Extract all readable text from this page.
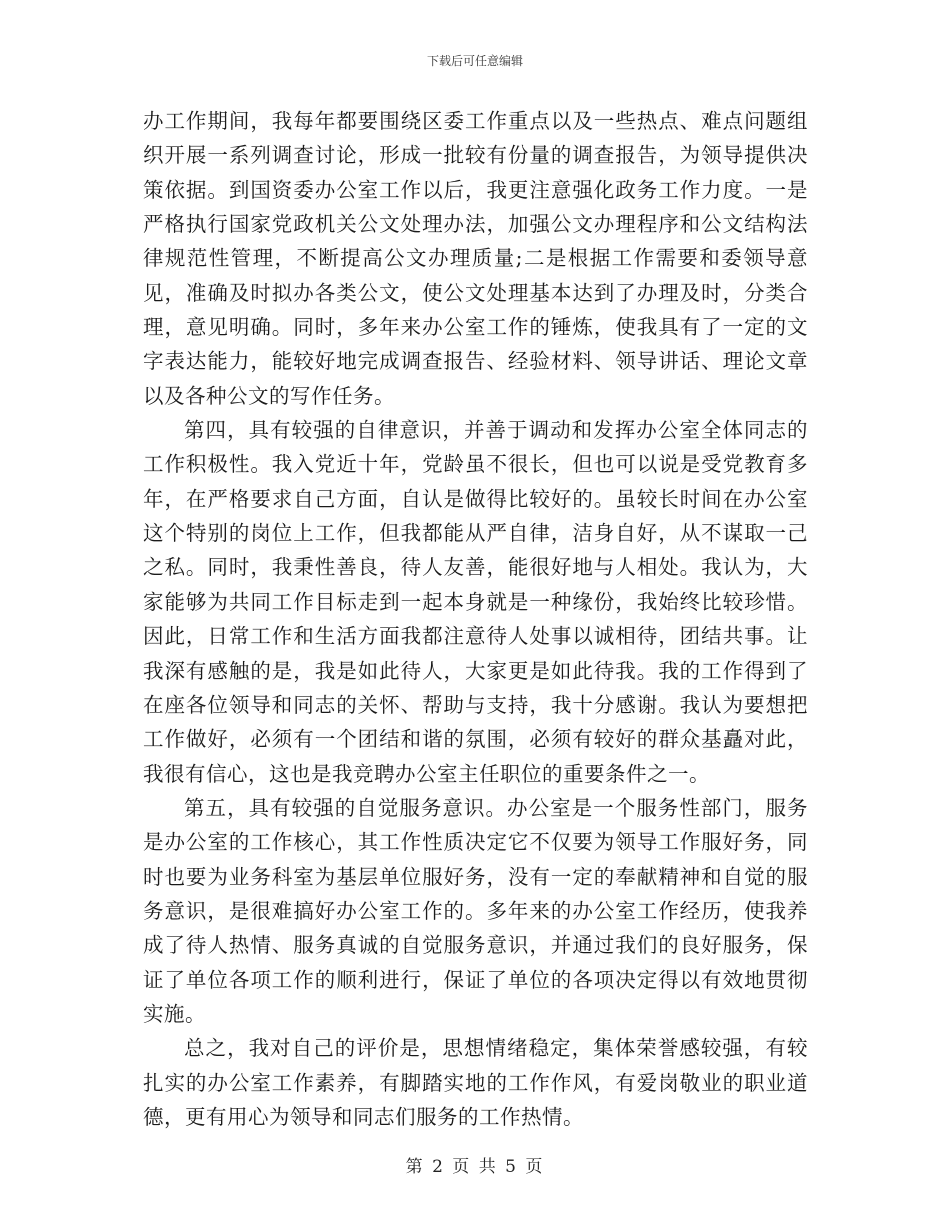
下载后可任意编辑

办工作期间，我每年都要围绕区委工作重点以及一些热点、难点问题组织开展一系列调查讨论，形成一批较有份量的调查报告，为领导提供决策依据。到国资委办公室工作以后，我更注意强化政务工作力度。一是严格执行国家党政机关公文处理办法，加强公文办理程序和公文结构法律规范性管理，不断提高公文办理质量;二是根据工作需要和委领导意见，准确及时拟办各类公文，使公文处理基本达到了办理及时，分类合理，意见明确。同时，多年来办公室工作的锤炼，使我具有了一定的文字表达能力，能较好地完成调查报告、经验材料、领导讲话、理论文章以及各种公文的写作任务。

第四，具有较强的自律意识，并善于调动和发挥办公室全体同志的工作积极性。我入党近十年，党龄虽不很长，但也可以说是受党教育多年，在严格要求自己方面，自认是做得比较好的。虽较长时间在办公室这个特别的岗位上工作，但我都能从严自律，洁身自好，从不谋取一己之私。同时，我秉性善良，待人友善，能很好地与人相处。我认为，大家能够为共同工作目标走到一起本身就是一种缘份，我始终比较珍惜。因此，日常工作和生活方面我都注意待人处事以诚相待，团结共事。让我深有感触的是，我是如此待人，大家更是如此待我。我的工作得到了在座各位领导和同志的关怀、帮助与支持，我十分感谢。我认为要想把工作做好，必须有一个团结和谐的氛围，必须有较好的群众基矗对此，我很有信心，这也是我竞聘办公室主任职位的重要条件之一。

第五，具有较强的自觉服务意识。办公室是一个服务性部门，服务是办公室的工作核心，其工作性质决定它不仅要为领导工作服好务，同时也要为业务科室为基层单位服好务，没有一定的奉献精神和自觉的服务意识，是很难搞好办公室工作的。多年来的办公室工作经历，使我养成了待人热情、服务真诚的自觉服务意识，并通过我们的良好服务，保证了单位各项工作的顺利进行，保证了单位的各项决定得以有效地贯彻实施。

总之，我对自己的评价是，思想情绪稳定，集体荣誉感较强，有较扎实的办公室工作素养，有脚踏实地的工作作风，有爱岗敬业的职业道德，更有用心为领导和同志们服务的工作热情。

第 2 页 共 5 页
